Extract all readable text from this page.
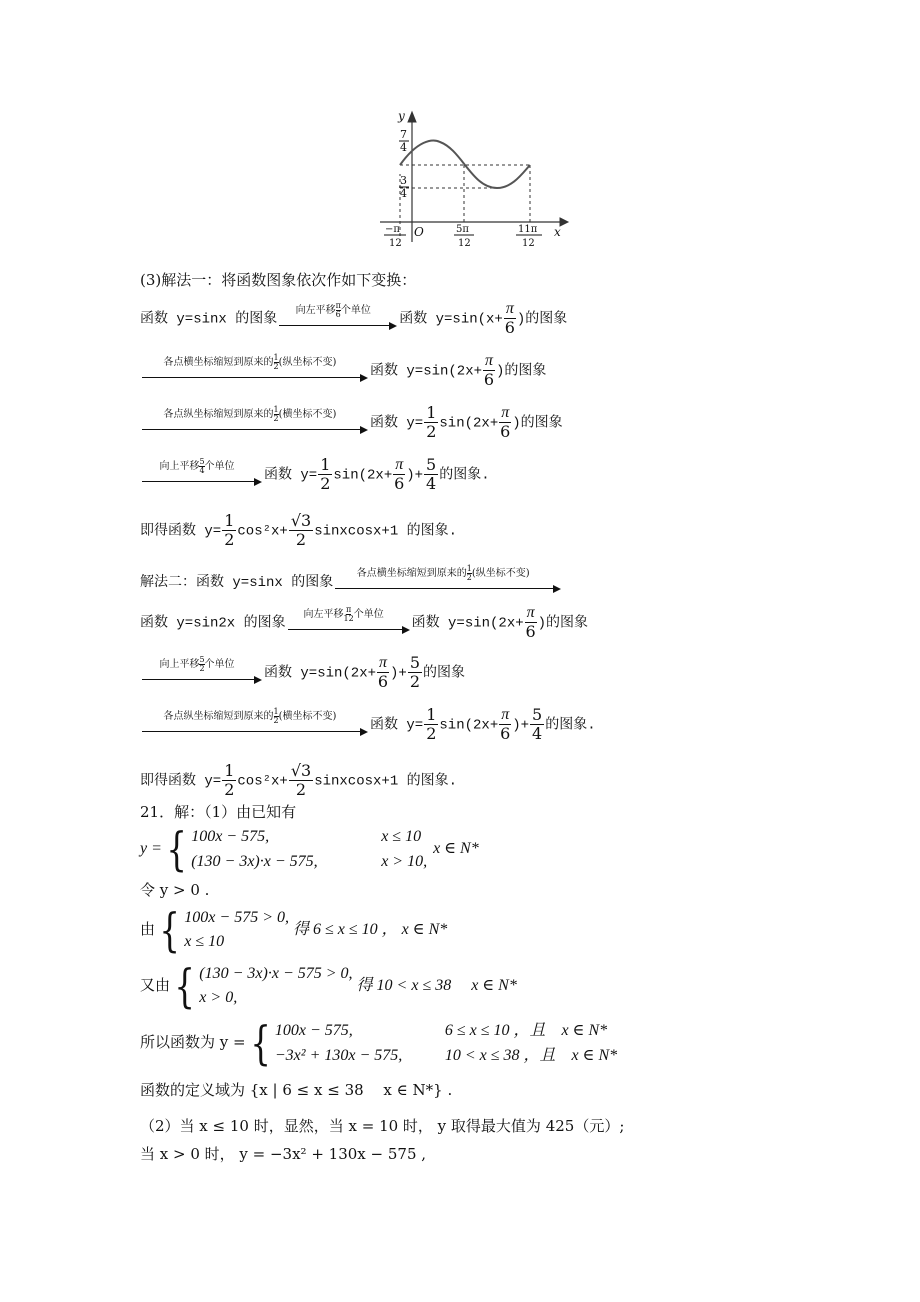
y
x
O
7
4
3
4
−π
12
5π
12
11π
12
(3)解法一：将函数图象依次作如下变换：
函数 y=sinx 的图象
向左平移 $\frac{\pi}{6}$ 个单位
函数 $y=\sin(x+ \frac{\pi}{6}$ )的图象
各点横坐标缩短到原来的 $\frac{1}{2}$ (纵坐标不变)
函数 $y=\sin(2x+ \frac{\pi}{6}$ )的图象
各点纵坐标缩短到原来的 $\frac{1}{2}$ (横坐标不变)
函数 $y= \frac{1}{2} \sin(2x+ \frac{\pi}{6}$ )的图象
向上平移 $\frac{5}{4}$ 个单位
函数 $y= \frac{1}{2} \sin(2x+ \frac{\pi}{6}$ )+ $\frac{5}{4}$ 的图象.
即得函数 $y= \frac{1}{2} \cos^2x+ \frac{√3}{2}$ sinxcosx+1 的图象.
解法二：函数 y=sinx 的图象
各点横坐标缩短到原来的 $\frac{1}{2}$ (纵坐标不变)
函数 y=sin2x 的图象
向左平移 $\frac{\pi}{12}$ 个单位
函数 $y=\sin(2x+ \frac{\pi}{6}$ )的图象
向上平移 $\frac{5}{2}$ 个单位
函数 $y=\sin(2x+ \frac{\pi}{6}$ )+ $\frac{5}{2}$ 的图象
各点纵坐标缩短到原来的 $\frac{1}{2}$ (横坐标不变)
函数 $y= \frac{1}{2} \sin(2x+ \frac{\pi}{6}$ )+ $\frac{5}{4}$ 的图象.
即得函数 $y= \frac{1}{2} \cos^2x+ \frac{√3}{2}$ sinxcosx+1 的图象.
21．解：（1）由已知有
y ={ 100x − 575,	x ≤ 10
(130 − 3x)·x − 575,	x > 10,
x ∈ N*
令 y > 0 .
由{ 100x − 575 > 0,
x ≤ 10
得 6 ≤ x ≤ 10 ， x ∈ N*
又由{ (130 − 3x)·x − 575 > 0,
x > 0,
得 10 < x ≤ 38 　x ∈ N*
所以函数为 y ={ 100x − 575,	6 ≤ x ≤ 10 ，且　x ∈ N*
−3x² + 130x − 575,	10 < x ≤ 38 ，且　x ∈ N*
函数的定义域为 {x | 6 ≤ x ≤ 38 　x ∈ N*} .
（2）当 x ≤ 10 时，显然，当 x = 10 时， y 取得最大值为 425（元）;
当 x > 0 时， y = −3x² + 130x − 575 ,
